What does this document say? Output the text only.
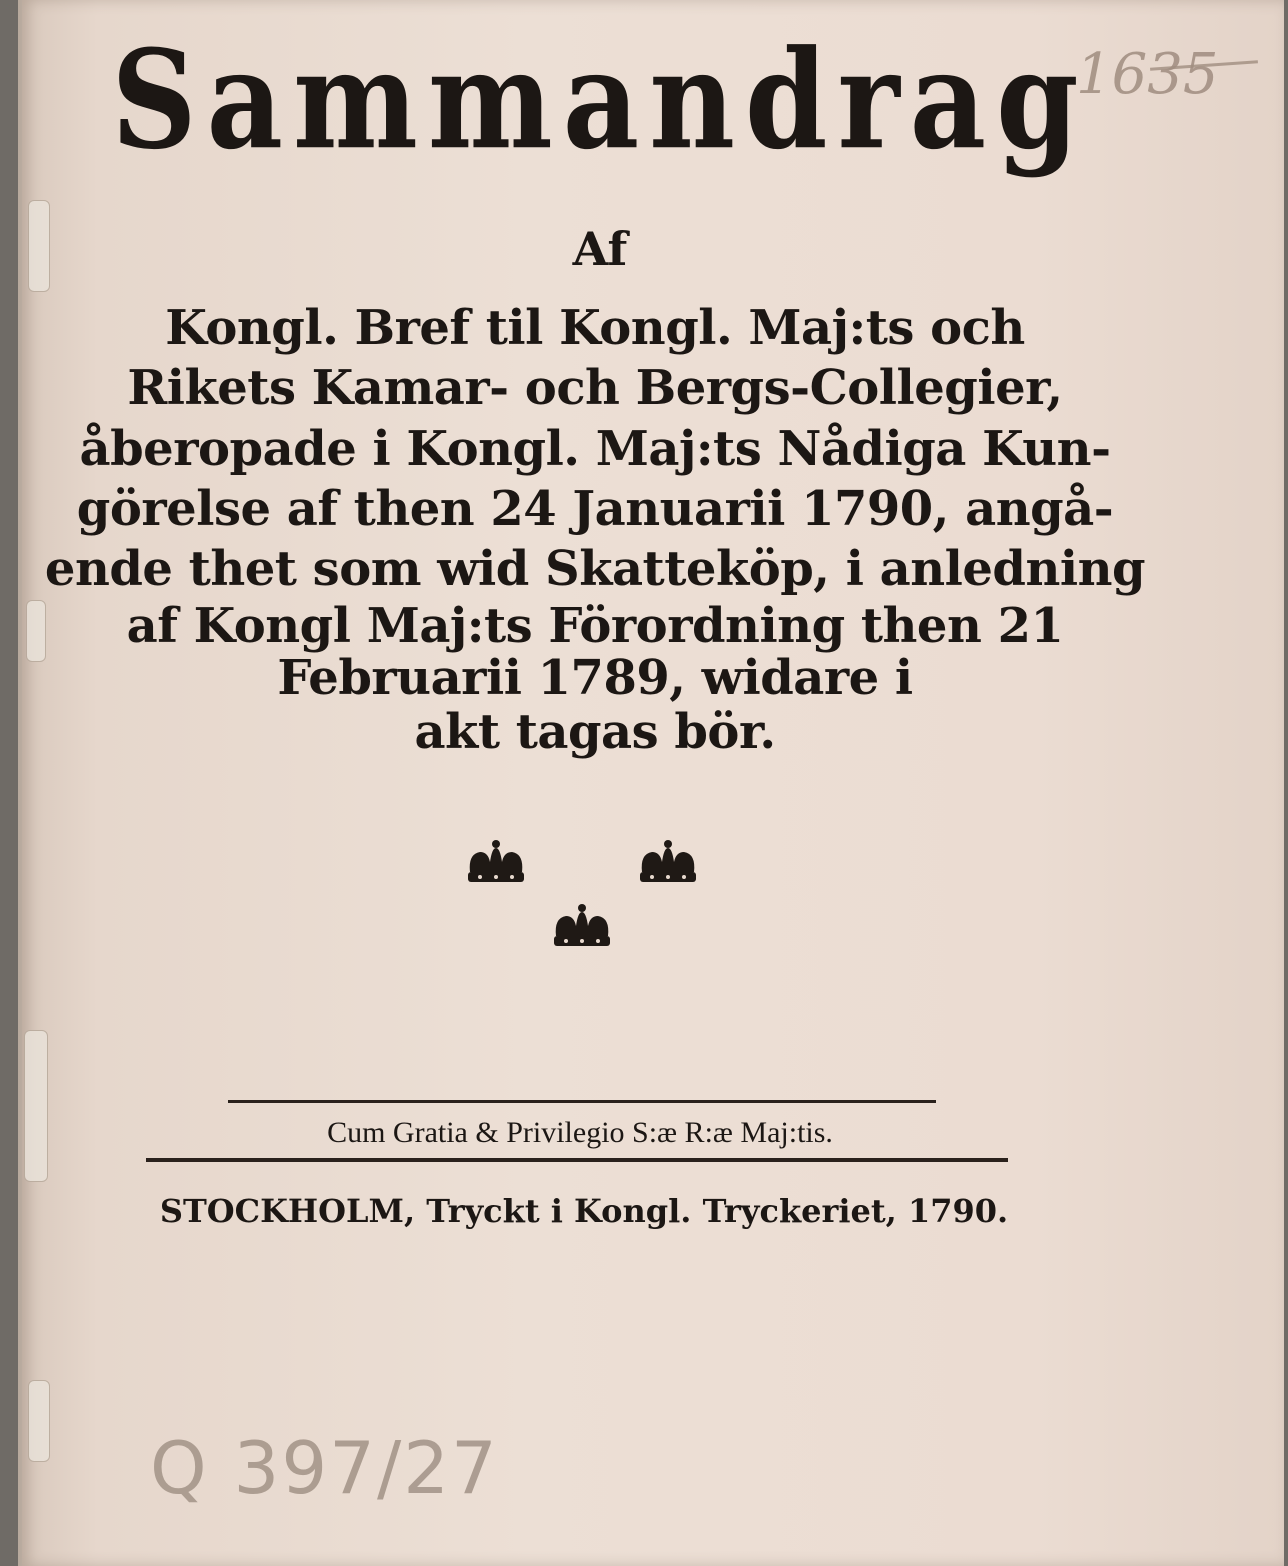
1635
Sammandrag
Af
Kongl. Bref til Kongl. Maj:ts och
Rikets Kamar- och Bergs-Collegier,
åberopade i Kongl. Maj:ts Nådiga Kun-
görelse af then 24 Januarii 1790, angå-
ende thet som wid Skatteköp, i anledning
af Kongl Maj:ts Förordning then 21
Februarii 1789, widare i
akt tagas bör.
Cum Gratia & Privilegio S:æ R:æ Maj:tis.
STOCKHOLM, Tryckt i Kongl. Tryckeriet, 1790.
Q 397/27
